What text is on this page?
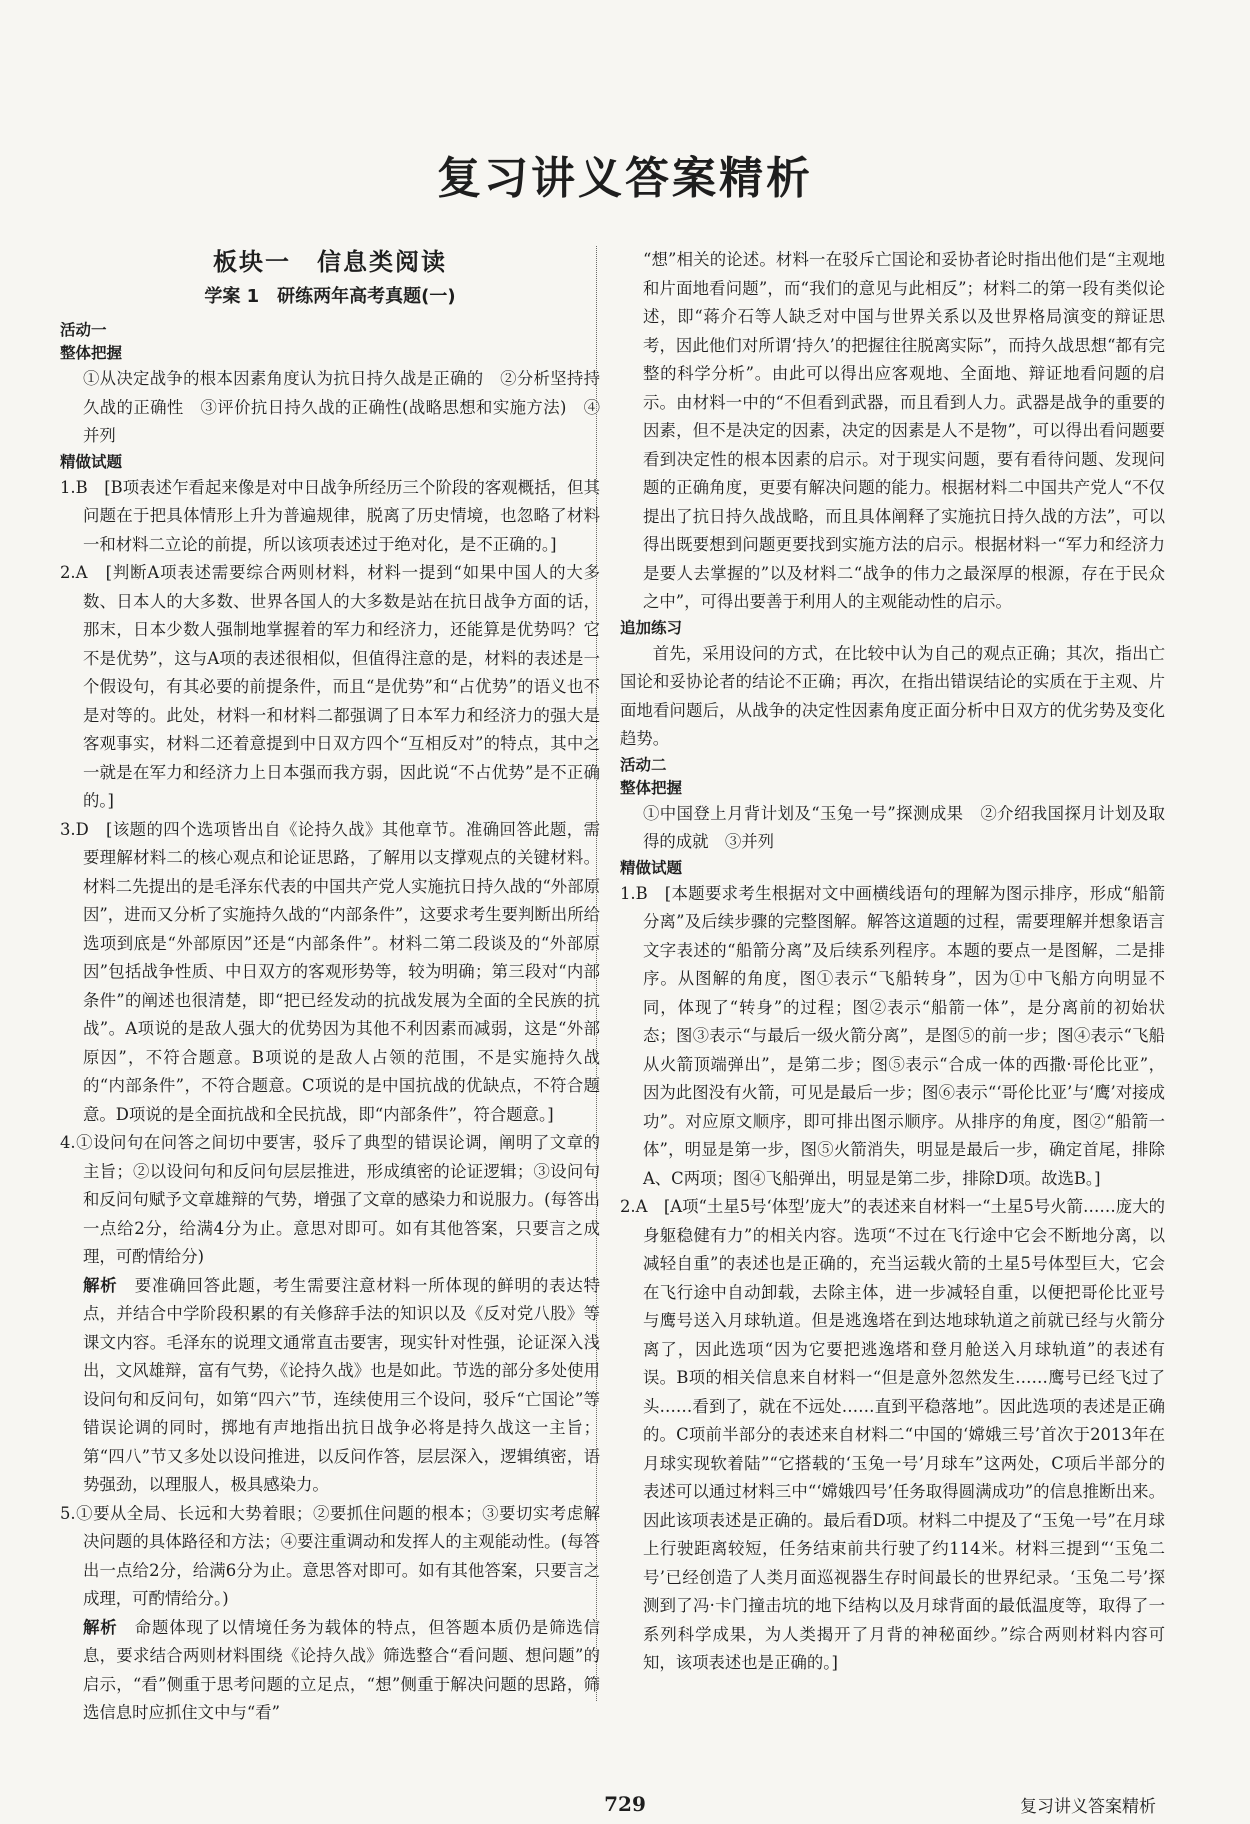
复习讲义答案精析
板块一　信息类阅读
学案 1　研练两年高考真题(一)
活动一
整体把握

①从决定战争的根本因素角度认为抗日持久战是正确的　②分析坚持持久战的正确性　③评价抗日持久战的正确性(战略思想和实施方法)　④并列

精做试题

1.B　[B项表述乍看起来像是对中日战争所经历三个阶段的客观概括，但其问题在于把具体情形上升为普遍规律，脱离了历史情境，也忽略了材料一和材料二立论的前提，所以该项表述过于绝对化，是不正确的。]

2.A　[判断A项表述需要综合两则材料，材料一提到“如果中国人的大多数、日本人的大多数、世界各国人的大多数是站在抗日战争方面的话，那末，日本少数人强制地掌握着的军力和经济力，还能算是优势吗？它不是优势”，这与A项的表述很相似，但值得注意的是，材料的表述是一个假设句，有其必要的前提条件，而且“是优势”和“占优势”的语义也不是对等的。此处，材料一和材料二都强调了日本军力和经济力的强大是客观事实，材料二还着意提到中日双方四个“互相反对”的特点，其中之一就是在军力和经济力上日本强而我方弱，因此说“不占优势”是不正确的。]

3.D　[该题的四个选项皆出自《论持久战》其他章节。准确回答此题，需要理解材料二的核心观点和论证思路，了解用以支撑观点的关键材料。材料二先提出的是毛泽东代表的中国共产党人实施抗日持久战的“外部原因”，进而又分析了实施持久战的“内部条件”，这要求考生要判断出所给选项到底是“外部原因”还是“内部条件”。材料二第二段谈及的“外部原因”包括战争性质、中日双方的客观形势等，较为明确；第三段对“内部条件”的阐述也很清楚，即“把已经发动的抗战发展为全面的全民族的抗战”。A项说的是敌人强大的优势因为其他不利因素而减弱，这是“外部原因”，不符合题意。B项说的是敌人占领的范围，不是实施持久战的“内部条件”，不符合题意。C项说的是中国抗战的优缺点，不符合题意。D项说的是全面抗战和全民抗战，即“内部条件”，符合题意。]

4.①设问句在问答之间切中要害，驳斥了典型的错误论调，阐明了文章的主旨；②以设问句和反问句层层推进，形成缜密的论证逻辑；③设问句和反问句赋予文章雄辩的气势，增强了文章的感染力和说服力。(每答出一点给2分，给满4分为止。意思对即可。如有其他答案，只要言之成理，可酌情给分)

解析　 要准确回答此题，考生需要注意材料一所体现的鲜明的表达特点，并结合中学阶段积累的有关修辞手法的知识以及《反对党八股》等课文内容。毛泽东的说理文通常直击要害，现实针对性强，论证深入浅出，文风雄辩，富有气势，《论持久战》也是如此。节选的部分多处使用设问句和反问句，如第“四六”节，连续使用三个设问，驳斥“亡国论”等错误论调的同时，掷地有声地指出抗日战争必将是持久战这一主旨；第“四八”节又多处以设问推进，以反问作答，层层深入，逻辑缜密，语势强劲，以理服人，极具感染力。

5.①要从全局、长远和大势着眼；②要抓住问题的根本；③要切实考虑解决问题的具体路径和方法；④要注重调动和发挥人的主观能动性。(每答出一点给2分，给满6分为止。意思答对即可。如有其他答案，只要言之成理，可酌情给分。)

解析　 命题体现了以情境任务为载体的特点，但答题本质仍是筛选信息，要求结合两则材料围绕《论持久战》筛选整合“看问题、想问题”的启示，“看”侧重于思考问题的立足点，“想”侧重于解决问题的思路，筛选信息时应抓住文中与“看”

“想”相关的论述。材料一在驳斥亡国论和妥协者论时指出他们是“主观地和片面地看问题”，而“我们的意见与此相反”；材料二的第一段有类似论述，即“蒋介石等人缺乏对中国与世界关系以及世界格局演变的辩证思考，因此他们对所谓‘持久’的把握往往脱离实际”，而持久战思想“都有完整的科学分析”。由此可以得出应客观地、全面地、辩证地看问题的启示。由材料一中的“不但看到武器，而且看到人力。武器是战争的重要的因素，但不是决定的因素，决定的因素是人不是物”，可以得出看问题要看到决定性的根本因素的启示。对于现实问题，要有看待问题、发现问题的正确角度，更要有解决问题的能力。根据材料二中国共产党人“不仅提出了抗日持久战战略，而且具体阐释了实施抗日持久战的方法”，可以得出既要想到问题更要找到实施方法的启示。根据材料一“军力和经济力是要人去掌握的”以及材料二“战争的伟力之最深厚的根源，存在于民众之中”，可得出要善于利用人的主观能动性的启示。

追加练习

首先，采用设问的方式，在比较中认为自己的观点正确；其次，指出亡国论和妥协论者的结论不正确；再次，在指出错误结论的实质在于主观、片面地看问题后，从战争的决定性因素角度正面分析中日双方的优劣势及变化趋势。

活动二
整体把握

①中国登上月背计划及“玉兔一号”探测成果　②介绍我国探月计划及取得的成就　③并列

精做试题

1.B　[本题要求考生根据对文中画横线语句的理解为图示排序，形成“船箭分离”及后续步骤的完整图解。解答这道题的过程，需要理解并想象语言文字表述的“船箭分离”及后续系列程序。本题的要点一是图解，二是排序。从图解的角度，图①表示“飞船转身”，因为①中飞船方向明显不同，体现了“转身”的过程；图②表示“船箭一体”，是分离前的初始状态；图③表示“与最后一级火箭分离”，是图⑤的前一步；图④表示“飞船从火箭顶端弹出”，是第二步；图⑤表示“合成一体的西撒·哥伦比亚”，因为此图没有火箭，可见是最后一步；图⑥表示“‘哥伦比亚’与‘鹰’对接成功”。对应原文顺序，即可排出图示顺序。从排序的角度，图②“船箭一体”，明显是第一步，图⑤火箭消失，明显是最后一步，确定首尾，排除A、C两项；图④飞船弹出，明显是第二步，排除D项。故选B。]

2.A　[A项“土星5号‘体型’庞大”的表述来自材料一“土星5号火箭……庞大的身躯稳健有力”的相关内容。选项“不过在飞行途中它会不断地分离，以减轻自重”的表述也是正确的，充当运载火箭的土星5号体型巨大，它会在飞行途中自动卸载，去除主体，进一步减轻自重，以便把哥伦比亚号与鹰号送入月球轨道。但是逃逸塔在到达地球轨道之前就已经与火箭分离了，因此选项“因为它要把逃逸塔和登月舱送入月球轨道”的表述有误。B项的相关信息来自材料一“但是意外忽然发生……鹰号已经飞过了头……看到了，就在不远处……直到平稳落地”。因此选项的表述是正确的。C项前半部分的表述来自材料二“中国的‘嫦娥三号’首次于2013年在月球实现软着陆”“它搭载的‘玉兔一号’月球车”这两处，C项后半部分的表述可以通过材料三中“‘嫦娥四号’任务取得圆满成功”的信息推断出来。因此该项表述是正确的。最后看D项。材料二中提及了“玉兔一号”在月球上行驶距离较短，任务结束前共行驶了约114米。材料三提到“‘玉兔二号’已经创造了人类月面巡视器生存时间最长的世界纪录。‘玉兔二号’探测到了冯·卡门撞击坑的地下结构以及月球背面的最低温度等，取得了一系列科学成果，为人类揭开了月背的神秘面纱。”综合两则材料内容可知，该项表述也是正确的。]

729	复习讲义答案精析
